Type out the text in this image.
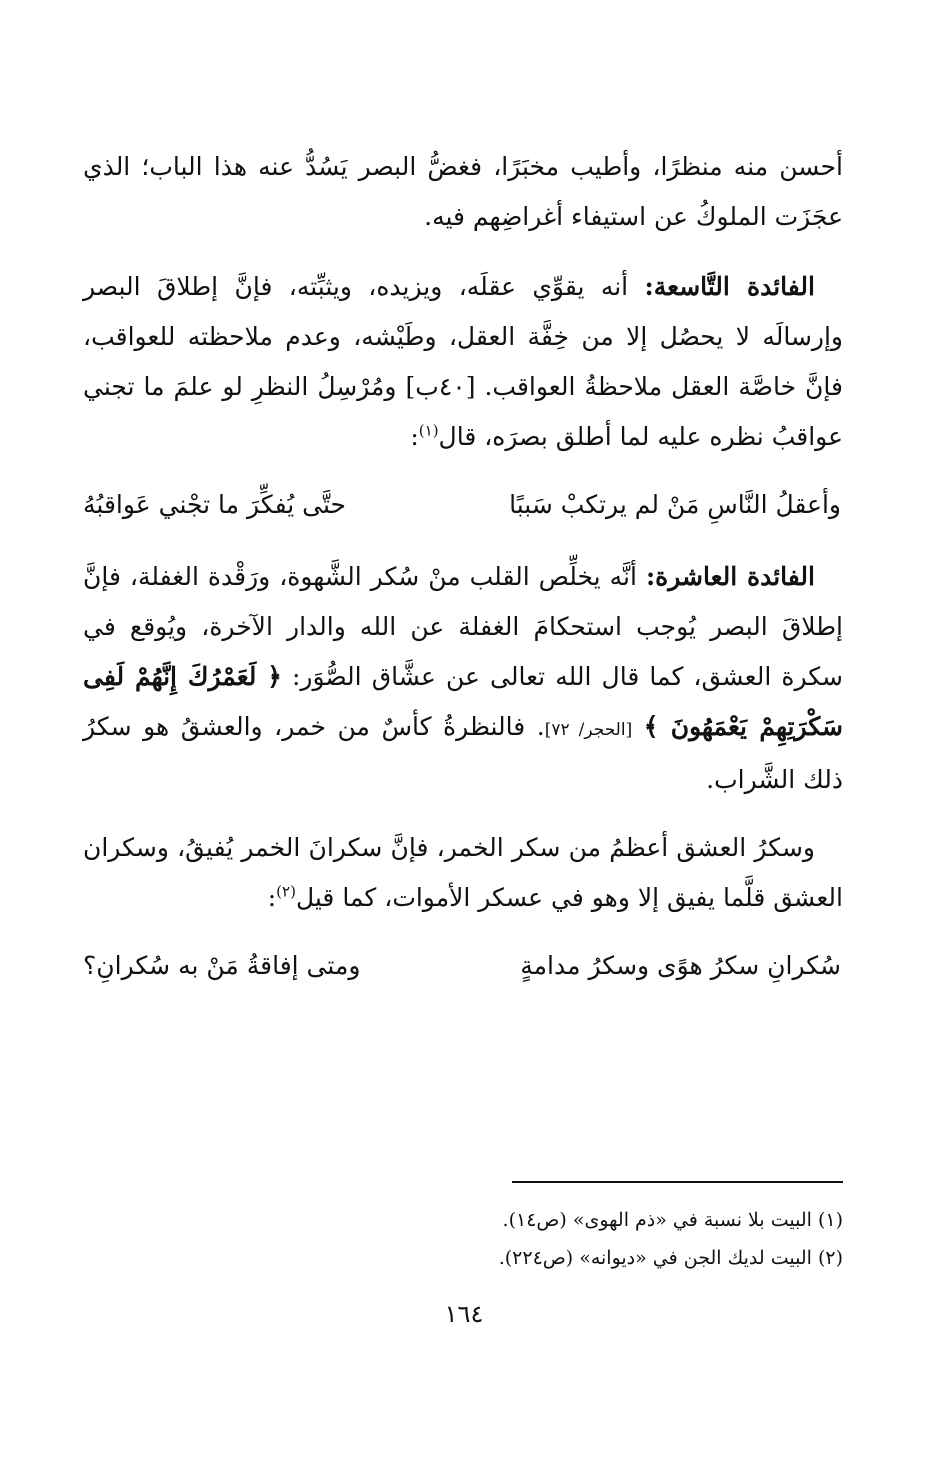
أحسن منه منظرًا، وأطيب مخبَرًا، فغضُّ البصر يَسُدُّ عنه هذا الباب؛ الذي عجَزَت الملوكُ عن استيفاء أغراضِهم فيه.

الفائدة التَّاسعة: أنه يقوِّي عقلَه، ويزيده، ويثبِّته، فإنَّ إطلاقَ البصر وإرسالَه لا يحصُل إلا من خِفَّة العقل، وطَيْشه، وعدم ملاحظته للعواقب، فإنَّ خاصَّة العقل ملاحظةُ العواقب. [٤٠ب] ومُرْسِلُ النظرِ لو علمَ ما تجني عواقبُ نظره عليه لما أطلق بصرَه، قال$^{(١)}$:

وأعقلُ النَّاسِ مَنْ لم يرتكبْ سَببًا
حتَّى يُفكِّرَ ما تجْني عَواقبُهُ

الفائدة العاشرة: أنَّه يخلِّص القلب منْ سُكر الشَّهوة، ورَقْدة الغفلة، فإنَّ إطلاقَ البصر يُوجب استحكامَ الغفلة عن الله والدار الآخرة، ويُوقع في سكرة العشق، كما قال الله تعالى عن عشَّاق الصُّوَر: ﴿ لَعَمْرُكَ إِنَّهُمْ لَفِى سَكْرَتِهِمْ يَعْمَهُونَ ﴾ [الحجر/ ٧٢]. فالنظرةُ كأسٌ من خمر، والعشقُ هو سكرُ ذلك الشَّراب.

وسكرُ العشق أعظمُ من سكر الخمر، فإنَّ سكرانَ الخمر يُفيقُ، وسكران العشق قلَّما يفيق إلا وهو في عسكر الأموات، كما قيل$^{(٢)}$:

سُكرانِ سكرُ هوًى وسكرُ مدامةٍ
ومتى إفاقةُ مَنْ به سُكرانِ؟

(١) البيت بلا نسبة في «ذم الهوى» (ص١٤).

(٢) البيت لديك الجن في «ديوانه» (ص٢٢٤).

١٦٤
